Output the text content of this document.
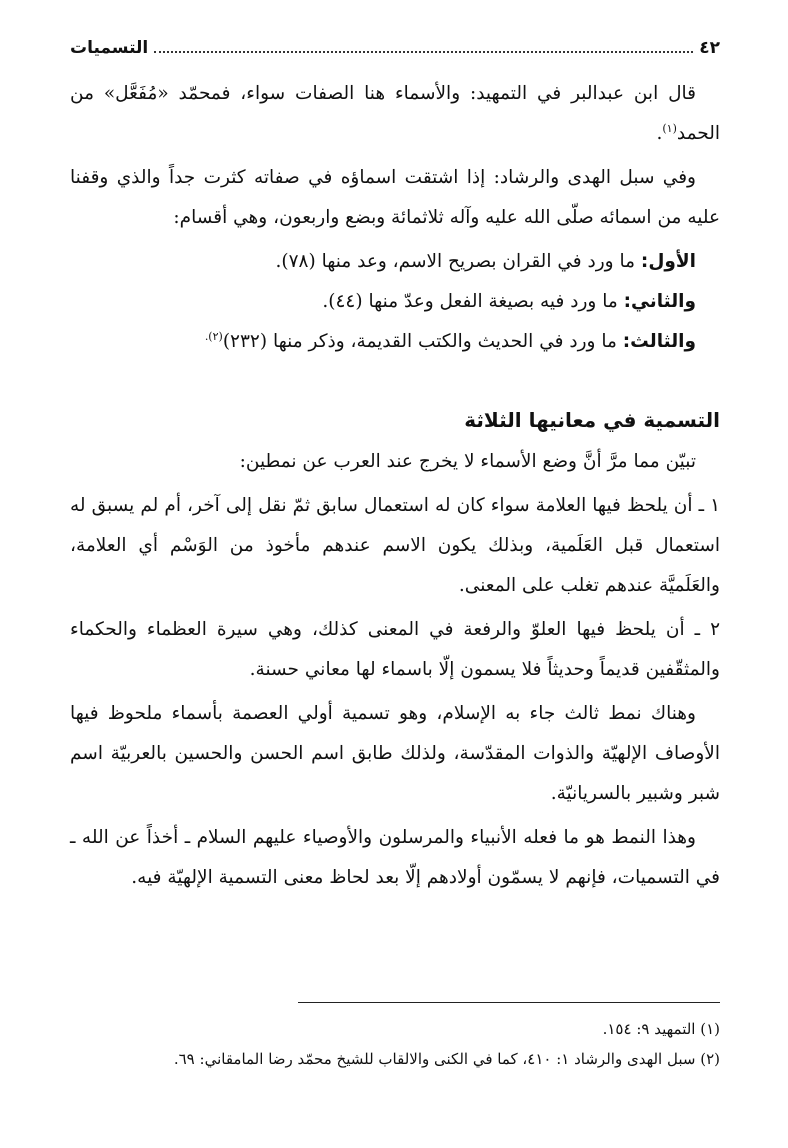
٤٢
التسميات

قال ابن عبدالبر في التمهيد: والأسماء هنا الصفات سواء، فمحمّد «مُفَعَّل» من الحمد$^{(١)}$.

وفي سبل الهدى والرشاد: إذا اشتقت اسماؤه في صفاته كثرت جداً والذي وقفنا عليه من اسمائه صلّى الله عليه وآله ثلاثمائة وبضع واربعون، وهي أقسام:

الأول: ما ورد في القران بصريح الاسم، وعد منها (٧٨).

والثاني: ما ورد فيه بصيغة الفعل وعدّ منها (٤٤).

والثالث: ما ورد في الحديث والكتب القديمة، وذكر منها (٢٣٢)$^{(٢).}$

التسمية في معانيها الثلاثة

تبيّن مما مرَّ أنَّ وضع الأسماء لا يخرج عند العرب عن نمطين:

١ ـ أن يلحظ فيها العلامة سواء كان له استعمال سابق ثمّ نقل إلى آخر، أم لم يسبق له استعمال قبل العَلَمية، وبذلك يكون الاسم عندهم مأخوذ من الوَسْم أي العلامة، والعَلَميَّة عندهم تغلب على المعنى.

٢ ـ أن يلحظ فيها العلوّ والرفعة في المعنى كذلك، وهي سيرة العظماء والحكماء والمثقّفين قديماً وحديثاً فلا يسمون إلّا باسماء لها معاني حسنة.

وهناك نمط ثالث جاء به الإسلام، وهو تسمية أولي العصمة بأسماء ملحوظ فيها الأوصاف الإلهيّة والذوات المقدّسة، ولذلك طابق اسم الحسن والحسين بالعربيّة اسم شبر وشبير بالسريانيّة.

وهذا النمط هو ما فعله الأنبياء والمرسلون والأوصياء عليهم السلام ـ أخذاً عن الله ـ في التسميات، فإنهم لا يسمّون أولادهم إلّا بعد لحاظ معنى التسمية الإلهيّة فيه.

(١) التمهيد ٩: ١٥٤.
(٢) سبل الهدى والرشاد ١: ٤١٠، كما في الكنى والالقاب للشيخ محمّد رضا المامقاني: ٦٩.
